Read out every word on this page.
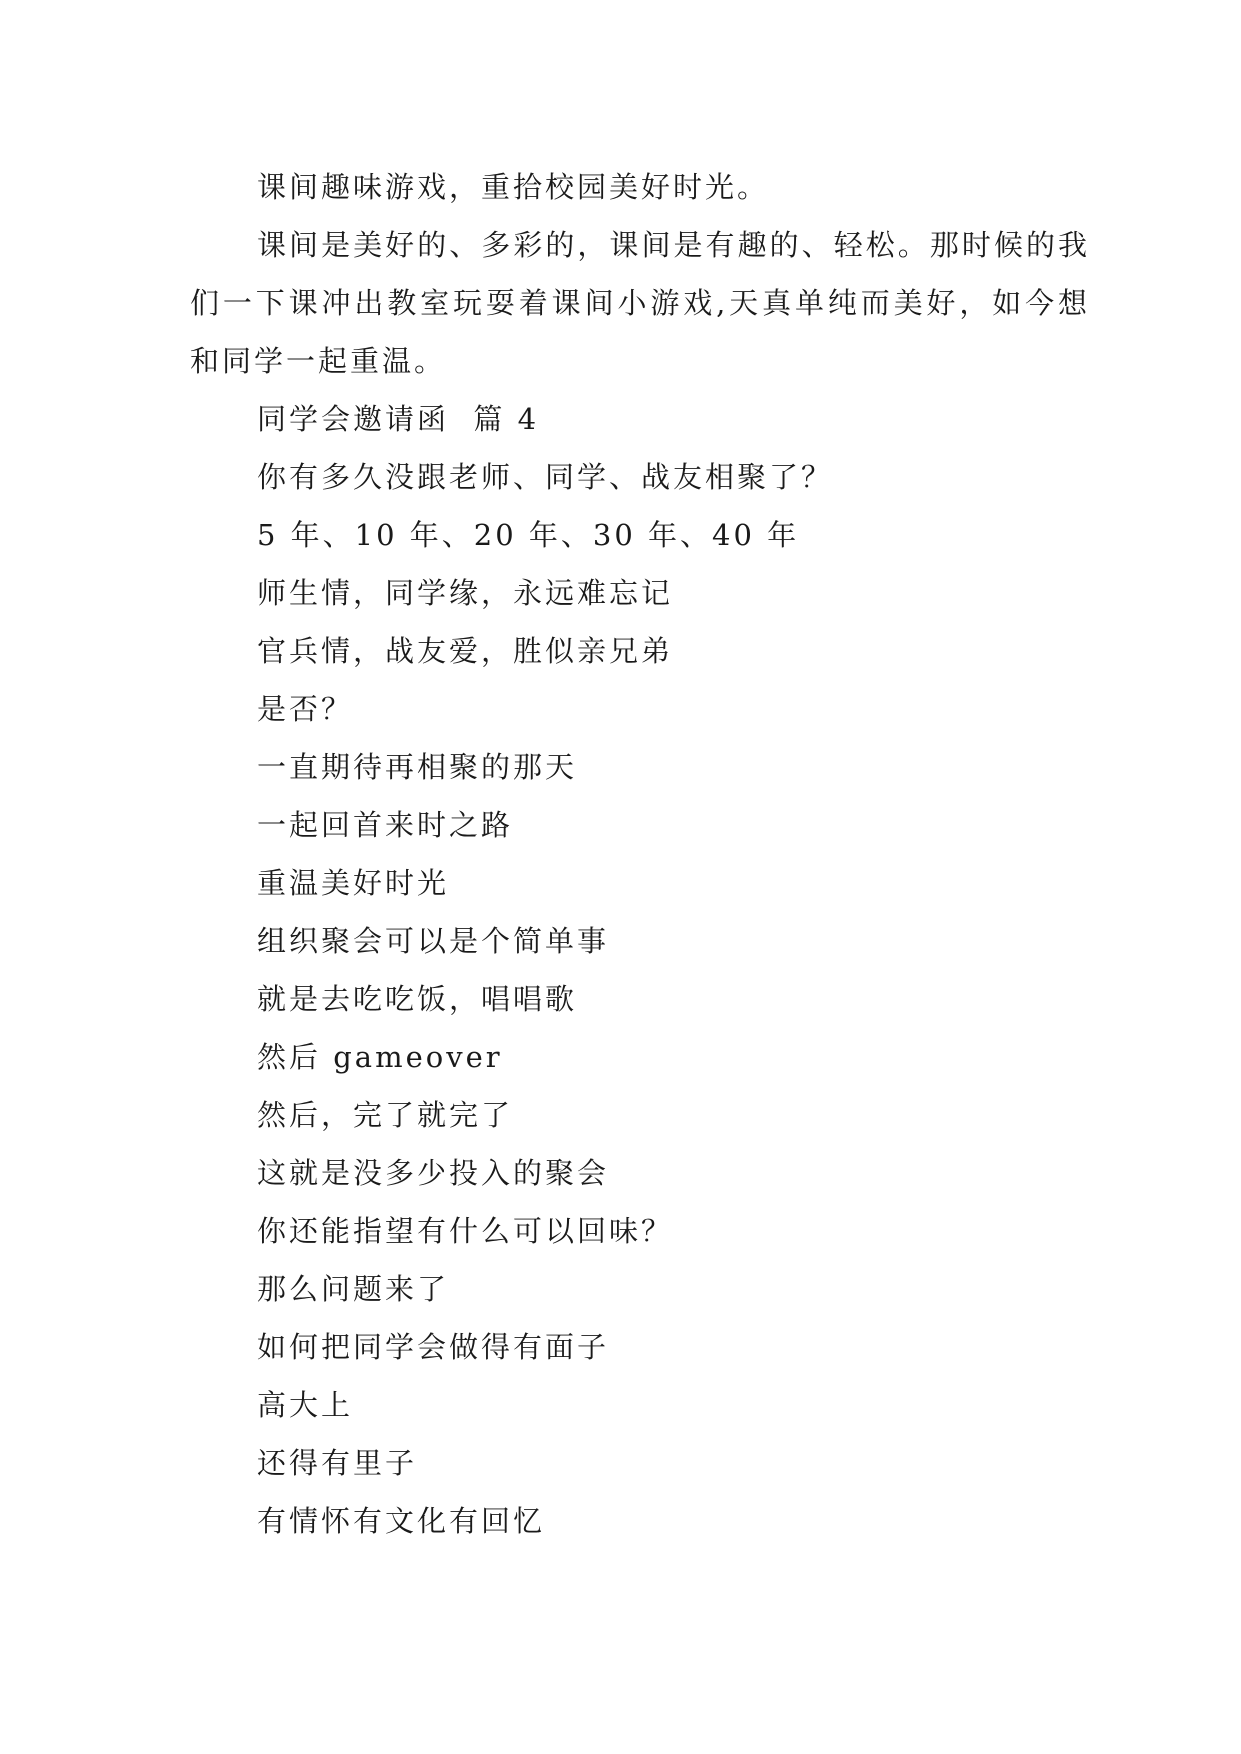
课间趣味游戏，重拾校园美好时光。

课间是美好的、多彩的，课间是有趣的、轻松。那时候的我们一下课冲出教室玩耍着课间小游戏,天真单纯而美好，如今想和同学一起重温。

同学会邀请函  篇 4

你有多久没跟老师、同学、战友相聚了？

5 年、10 年、20 年、30 年、40 年

师生情，同学缘，永远难忘记

官兵情，战友爱，胜似亲兄弟

是否？

一直期待再相聚的那天

一起回首来时之路

重温美好时光

组织聚会可以是个简单事

就是去吃吃饭，唱唱歌

然后 gameover

然后，完了就完了

这就是没多少投入的聚会

你还能指望有什么可以回味？

那么问题来了

如何把同学会做得有面子

高大上

还得有里子

有情怀有文化有回忆
